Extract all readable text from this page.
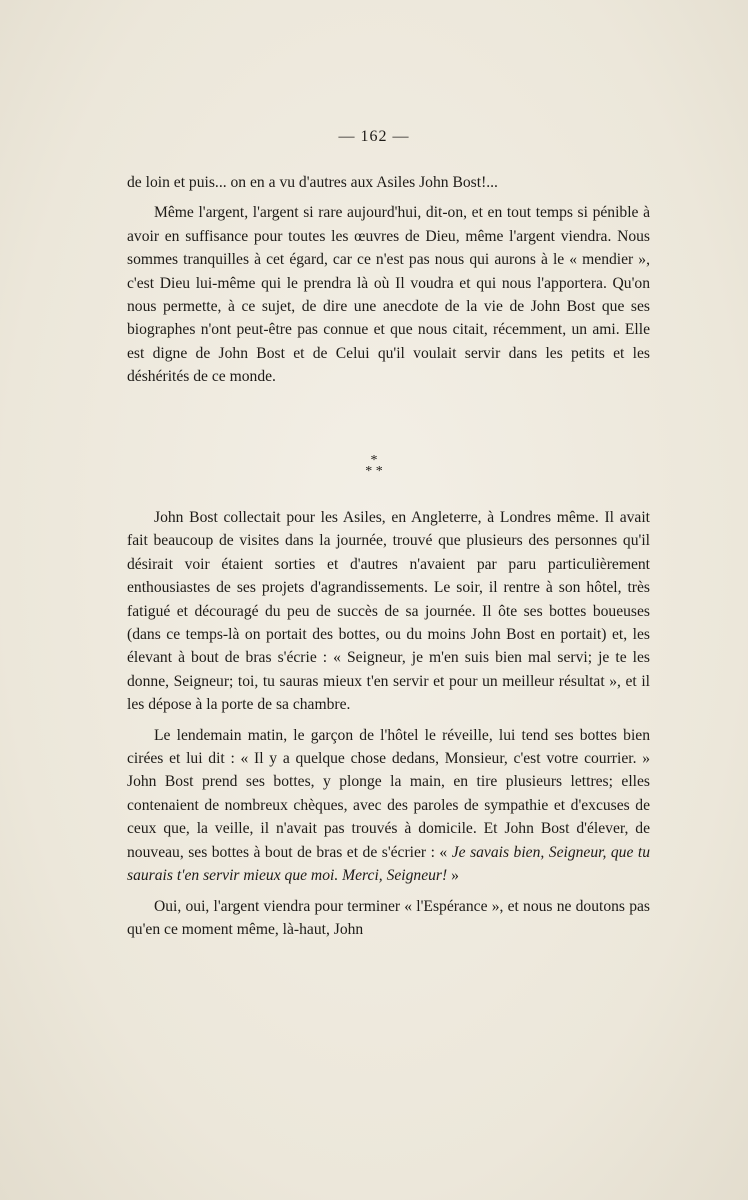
— 162 —

de loin et puis... on en a vu d'autres aux Asiles John Bost!...

Même l'argent, l'argent si rare aujourd'hui, dit-on, et en tout temps si pénible à avoir en suffisance pour toutes les œuvres de Dieu, même l'argent viendra. Nous sommes tranquilles à cet égard, car ce n'est pas nous qui aurons à le « mendier », c'est Dieu lui-même qui le prendra là où Il voudra et qui nous l'apportera. Qu'on nous permette, à ce sujet, de dire une anecdote de la vie de John Bost que ses biographes n'ont peut-être pas connue et que nous citait, récemment, un ami. Elle est digne de John Bost et de Celui qu'il voulait servir dans les petits et les déshérités de ce monde.

*
* *

John Bost collectait pour les Asiles, en Angleterre, à Londres même. Il avait fait beaucoup de visites dans la journée, trouvé que plusieurs des personnes qu'il désirait voir étaient sorties et d'autres n'avaient par paru particulièrement enthousiastes de ses projets d'agrandissements. Le soir, il rentre à son hôtel, très fatigué et découragé du peu de succès de sa journée. Il ôte ses bottes boueuses (dans ce temps-là on portait des bottes, ou du moins John Bost en portait) et, les élevant à bout de bras s'écrie : « Seigneur, je m'en suis bien mal servi; je te les donne, Seigneur; toi, tu sauras mieux t'en servir et pour un meilleur résultat », et il les dépose à la porte de sa chambre.

Le lendemain matin, le garçon de l'hôtel le réveille, lui tend ses bottes bien cirées et lui dit : « Il y a quelque chose dedans, Monsieur, c'est votre courrier. » John Bost prend ses bottes, y plonge la main, en tire plusieurs lettres; elles contenaient de nombreux chèques, avec des paroles de sympathie et d'excuses de ceux que, la veille, il n'avait pas trouvés à domicile. Et John Bost d'élever, de nouveau, ses bottes à bout de bras et de s'écrier : « Je savais bien, Seigneur, que tu saurais t'en servir mieux que moi. Merci, Seigneur! »

Oui, oui, l'argent viendra pour terminer « l'Espérance », et nous ne doutons pas qu'en ce moment même, là-haut, John
